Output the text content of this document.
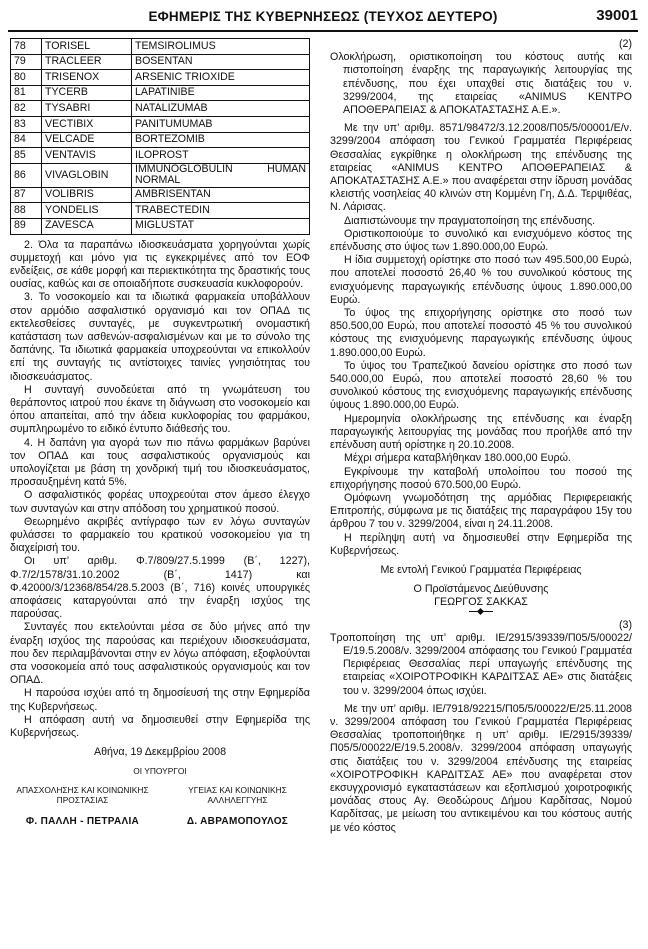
ΕΦΗΜΕΡΙΣ ΤΗΣ ΚΥΒΕΡΝΗΣΕΩΣ (ΤΕΥΧΟΣ ΔΕΥΤΕΡΟ)	39001
78	TORISEL	TEMSIROLIMUS
79	TRACLEER	BOSENTAN
80	TRISENOX	ARSENIC TRIOXIDE
81	TYCERB	LAPATINIBE
82	TYSABRI	NATALIZUMAB
83	VECTIBIX	PANITUMUMAB
84	VELCADE	BORTEZOMIB
85	VENTAVIS	ILOPROST
86	VIVAGLOBIN	IMMUNOGLOBULIN HUMAN NORMAL
87	VOLIBRIS	AMBRISENTAN
88	YONDELIS	TRABECTEDIN
89	ZAVESCA	MIGLUSTAT

2. Όλα τα παραπάνω ιδιοσκευάσματα χορηγούνται χωρίς συμμετοχή και μόνο για τις εγκεκριμένες από τον ΕΟΦ ενδείξεις, σε κάθε μορφή και περιεκτικότητα της δραστικής τους ουσίας, καθώς και σε οποιαδήποτε συσκευασία κυκλοφορούν.

3. Το νοσοκομείο και τα ιδιωτικά φαρμακεία υποβάλλουν στον αρμόδιο ασφαλιστικό οργανισμό και τον ΟΠΑΔ τις εκτελεσθείσες συνταγές, με συγκεντρωτική ονομαστική κατάσταση των ασθενών-ασφαλισμένων και με το σύνολο της δαπάνης. Τα ιδιωτικά φαρμακεία υποχρεούνται να επικολλούν επί της συνταγής τις αντίστοιχες ταινίες γνησιότητας του ιδιοσκευάσματος.

Η συνταγή συνοδεύεται από τη γνωμάτευση του θεράποντος ιατρού που έκανε τη διάγνωση στο νοσοκομείο και όπου απαιτείται, από την άδεια κυκλοφορίας του φαρμάκου, συμπληρωμένο το ειδικό έντυπο διάθεσής του.

4. Η δαπάνη για αγορά των πιο πάνω φαρμάκων βαρύνει τον ΟΠΑΔ και τους ασφαλιστικούς οργανισμούς και υπολογίζεται με βάση τη χονδρική τιμή του ιδιοσκευάσματος, προσαυξημένη κατά 5%.

Ο ασφαλιστικός φορέας υποχρεούται στον άμεσο έλεγχο των συνταγών και στην απόδοση του χρηματικού ποσού.

Θεωρημένο ακριβές αντίγραφο των εν λόγω συνταγών φυλάσσει το φαρμακείο του κρατικού νοσοκομείου για τη διαχείρισή του.

Οι υπ’ αριθμ. Φ.7/809/27.5.1999 (Β΄, 1227), Φ.7/2/1578/31.10.2002 (Β΄, 1417) και Φ.42000/3/12368/854/28.5.2003 (Β΄, 716) κοινές υπουργικές αποφάσεις καταργούνται από την έναρξη ισχύος της παρούσας.

Συνταγές που εκτελούνται μέσα σε δύο μήνες από την έναρξη ισχύος της παρούσας και περιέχουν ιδιοσκευάσματα, που δεν περιλαμβάνονται στην εν λόγω απόφαση, εξοφλούνται στα νοσοκομεία από τους ασφαλιστικούς οργανισμούς και τον ΟΠΑΔ.

Η παρούσα ισχύει από τη δημοσίευσή της στην Εφημερίδα της Κυβερνήσεως.

Η απόφαση αυτή να δημοσιευθεί στην Εφημερίδα της Κυβερνήσεως.

Αθήνα, 19 Δεκεμβρίου 2008

ΟΙ ΥΠΟΥΡΓΟΙ

ΑΠΑΣΧΟΛΗΣΗΣ ΚΑΙ ΚΟΙΝΩΝΙΚΗΣ ΠΡΟΣΤΑΣΙΑΣ
ΥΓΕΙΑΣ ΚΑΙ ΚΟΙΝΩΝΙΚΗΣ ΑΛΛΗΛΕΓΓΥΗΣ
Φ. ΠΑΛΛΗ - ΠΕΤΡΑΛΙΑ	Δ. ΑΒΡΑΜΟΠΟΥΛΟΣ

(2)

Ολοκλήρωση, οριστικοποίηση του κόστους αυτής και πιστοποίηση έναρξης της παραγωγικής λειτουργίας της επένδυσης, που έχει υπαχθεί στις διατάξεις του ν. 3299/2004, της εταιρείας «ΑΝΙΜUS ΚΕΝΤΡΟ ΑΠΟΘΕΡΑΠΕΙΑΣ & ΑΠΟΚΑΤΑΣΤΑΣΗΣ Α.Ε.».

Με την υπ’ αριθμ. 8571/98472/3.12.2008/Π05/5/00001/Ε/ν. 3299/2004 απόφαση του Γενικού Γραμματέα Περιφέρειας Θεσσαλίας εγκρίθηκε η ολοκλήρωση της επένδυσης της εταιρείας «ΑΝΙΜUS ΚΕΝΤΡΟ ΑΠΟΘΕΡΑΠΕΙΑΣ & ΑΠΟΚΑΤΑΣΤΑΣΗΣ Α.Ε.» που αναφέρεται στην ίδρυση μονάδας κλειστής νοσηλείας 40 κλινών στη Κομμένη Γη, Δ.Δ. Τερψιθέας, Ν. Λάρισας.

Διαπιστώνουμε την πραγματοποίηση της επένδυσης.

Οριστικοποιούμε το συνολικό και ενισχυόμενο κόστος της επένδυσης στο ύψος των 1.890.000,00 Ευρώ.

Η ίδια συμμετοχή ορίστηκε στο ποσό των 495.500,00 Ευρώ, που αποτελεί ποσοστό 26,40 % του συνολικού κόστους της ενισχυόμενης παραγωγικής επένδυσης ύψους 1.890.000,00 Ευρώ.

Το ύψος της επιχορήγησης ορίστηκε στο ποσό των 850.500,00 Ευρώ, που αποτελεί ποσοστό 45 % του συνολικού κόστους της ενισχυόμενης παραγωγικής επένδυσης ύψους 1.890.000,00 Ευρώ.

Το ύψος του Τραπεζικού δανείου ορίστηκε στο ποσό των 540.000,00 Ευρώ, που αποτελεί ποσοστό 28,60 % του συνολικού κόστους της ενισχυόμενης παραγωγικής επένδυσης ύψους 1.890.000,00 Ευρώ.

Ημερομηνία ολοκλήρωσης της επένδυσης και έναρξη παραγωγικής λειτουργίας της μονάδας που προήλθε από την επένδυση αυτή ορίστηκε η 20.10.2008.

Μέχρι σήμερα καταβλήθηκαν 180.000,00 Ευρώ.

Εγκρίνουμε την καταβολή υπολοίπου του ποσού της επιχορήγησης ποσού 670.500,00 Ευρώ.

Ομόφωνη γνωμοδότηση της αρμόδιας Περιφερειακής Επιτροπής, σύμφωνα με τις διατάξεις της παραγράφου 15γ του άρθρου 7 του ν. 3299/2004, είναι η 24.11.2008.

Η περίληψη αυτή να δημοσιευθεί στην Εφημερίδα της Κυβερνήσεως.

Με εντολή Γενικού Γραμματέα Περιφέρειας

Ο Προϊστάμενος Διεύθυνσης

ΓΕΩΡΓΟΣ ΣΑΚΚΑΣ

(3)

Τροποποίηση της υπ’ αριθμ. ΙΕ/2915/39339/Π05/5/00022/Ε/19.5.2008/ν. 3299/2004 απόφασης του Γενικού Γραμματέα Περιφέρειας Θεσσαλίας περί υπαγωγής επένδυσης της εταιρείας «ΧΟΙΡΟΤΡΟΦΙΚΗ ΚΑΡΔΙΤΣΑΣ ΑΕ» στις διατάξεις του ν. 3299/2004 όπως ισχύει.

Με την υπ’ αριθμ. ΙΕ/7918/92215/Π05/5/00022/Ε/25.11.2008 ν. 3299/2004 απόφαση του Γενικού Γραμματέα Περιφέρειας Θεσσαλίας τροποποιήθηκε η υπ’ αριθμ. ΙΕ/2915/39339/Π05/5/00022/Ε/19.5.2008/ν. 3299/2004 απόφαση υπαγωγής στις διατάξεις του ν. 3299/2004 επένδυσης της εταιρείας «ΧΟΙΡΟΤΡΟΦΙΚΗ ΚΑΡΔΙΤΣΑΣ ΑΕ» που αναφέρεται στον εκσυγχρονισμό εγκαταστάσεων και εξοπλισμού χοιροτροφικής μονάδας στους Αγ. Θεοδώρους Δήμου Καρδίτσας, Νομού Καρδίτσας, με μείωση του αντικειμένου και του κόστους αυτής με νέο κόστος
